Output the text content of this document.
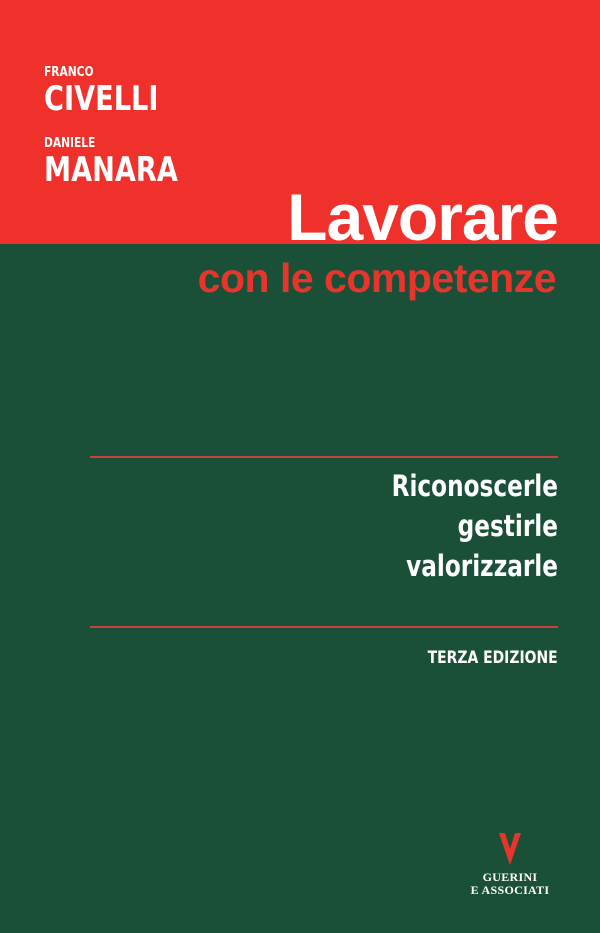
FRANCO
CIVELLI
DANIELE
MANARA
Lavorare
con le competenze
Riconoscerle
gestirle
valorizzarle
TERZA EDIZIONE
GUERINI
E ASSOCIATI
